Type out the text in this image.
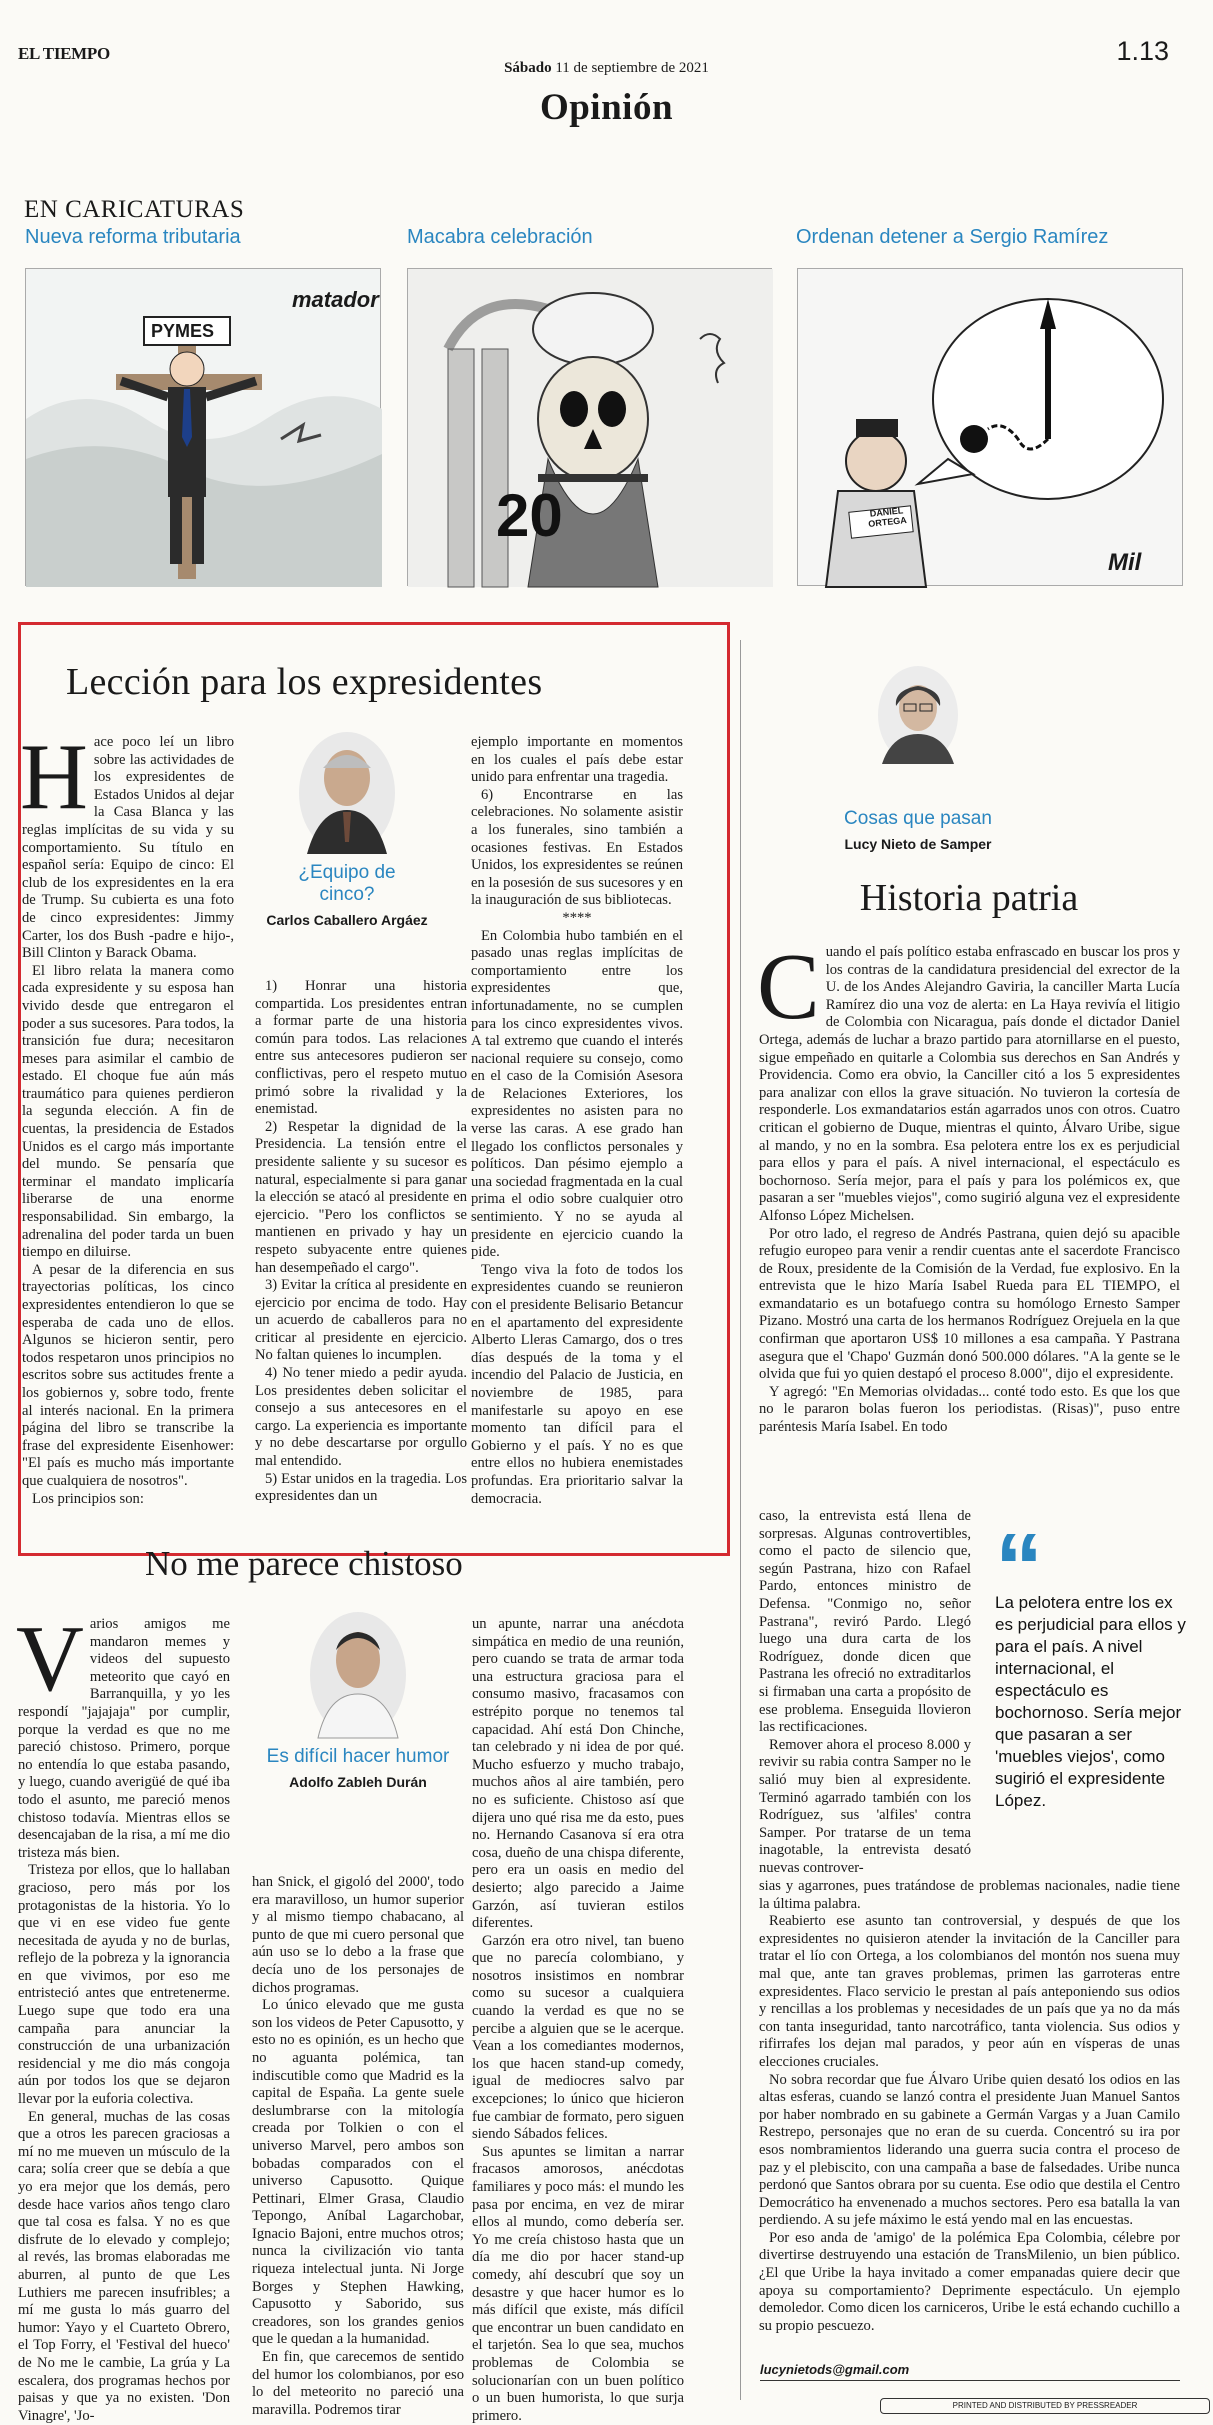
EL TIEMPO	1.13
Sábado 11 de septiembre de 2021
Opinión
EN CARICATURAS
Nueva reforma tributaria	Macabra celebración	Ordenan detener a Sergio Ramírez
PYMES
matador
20	DANIEL ORTEGA
Mil
Lección para los expresidentes

Hace poco leí un libro sobre las actividades de los expresidentes de Estados Unidos al dejar la Casa Blanca y las reglas implícitas de su vida y su comportamiento. Su título en español sería: Equipo de cinco: El club de los expresidentes en la era de Trump. Su cubierta es una foto de cinco expresidentes: Jimmy Carter, los dos Bush -padre e hijo-, Bill Clinton y Barack Obama.

El libro relata la manera como cada expresidente y su esposa han vivido desde que entregaron el poder a sus sucesores. Para todos, la transición fue dura; necesitaron meses para asimilar el cambio de estado. El choque fue aún más traumático para quienes perdieron la segunda elección. A fin de cuentas, la presidencia de Estados Unidos es el cargo más importante del mundo. Se pensaría que terminar el mandato implicaría liberarse de una enorme responsabilidad. Sin embargo, la adrenalina del poder tarda un buen tiempo en diluirse.

A pesar de la diferencia en sus trayectorias políticas, los cinco expresidentes entendieron lo que se esperaba de cada uno de ellos. Algunos se hicieron sentir, pero todos respetaron unos principios no escritos sobre sus actitudes frente a los gobiernos y, sobre todo, frente al interés nacional. En la primera página del libro se transcribe la frase del expresidente Eisenhower: "El país es mucho más importante que cualquiera de nosotros".

Los principios son:

¿Equipo de cinco?
Carlos Caballero Argáez

1) Honrar una historia compartida. Los presidentes entran a formar parte de una historia común para todos. Las relaciones entre sus antecesores pudieron ser conflictivas, pero el respeto mutuo primó sobre la rivalidad y la enemistad.

2) Respetar la dignidad de la Presidencia. La tensión entre el presidente saliente y su sucesor es natural, especialmente si para ganar la elección se atacó al presidente en ejercicio. "Pero los conflictos se mantienen en privado y hay un respeto subyacente entre quienes han desempeñado el cargo".

3) Evitar la crítica al presidente en ejercicio por encima de todo. Hay un acuerdo de caballeros para no criticar al presidente en ejercicio. No faltan quienes lo incumplen.

4) No tener miedo a pedir ayuda. Los presidentes deben solicitar el consejo a sus antecesores en el cargo. La experiencia es importante y no debe descartarse por orgullo mal entendido.

5) Estar unidos en la tragedia. Los expresidentes dan un

ejemplo importante en momentos en los cuales el país debe estar unido para enfrentar una tragedia.

6) Encontrarse en las celebraciones. No solamente asistir a los funerales, sino también a ocasiones festivas. En Estados Unidos, los expresidentes se reúnen en la posesión de sus sucesores y en la inauguración de sus bibliotecas.

****

En Colombia hubo también en el pasado unas reglas implícitas de comportamiento entre los expresidentes que, infortunadamente, no se cumplen para los cinco expresidentes vivos. A tal extremo que cuando el interés nacional requiere su consejo, como en el caso de la Comisión Asesora de Relaciones Exteriores, los expresidentes no asisten para no verse las caras. A ese grado han llegado los conflictos personales y políticos. Dan pésimo ejemplo a una sociedad fragmentada en la cual prima el odio sobre cualquier otro sentimiento. Y no se ayuda al presidente en ejercicio cuando la pide.

Tengo viva la foto de todos los expresidentes cuando se reunieron con el presidente Belisario Betancur en el apartamento del expresidente Alberto Lleras Camargo, dos o tres días después de la toma y el incendio del Palacio de Justicia, en noviembre de 1985, para manifestarle su apoyo en ese momento tan difícil para el Gobierno y el país. Y no es que entre ellos no hubiera enemistades profundas. Era prioritario salvar la democracia.

Cosas que pasan
Lucy Nieto de Samper
Historia patria

Cuando el país político estaba enfrascado en buscar los pros y los contras de la candidatura presidencial del exrector de la U. de los Andes Alejandro Gaviria, la canciller Marta Lucía Ramírez dio una voz de alerta: en La Haya revivía el litigio de Colombia con Nicaragua, país donde el dictador Daniel Ortega, además de luchar a brazo partido para atornillarse en el puesto, sigue empeñado en quitarle a Colombia sus derechos en San Andrés y Providencia. Como era obvio, la Canciller citó a los 5 expresidentes para analizar con ellos la grave situación. No tuvieron la cortesía de responderle. Los exmandatarios están agarrados unos con otros. Cuatro critican el gobierno de Duque, mientras el quinto, Álvaro Uribe, sigue al mando, y no en la sombra. Esa pelotera entre los ex es perjudicial para ellos y para el país. A nivel internacional, el espectáculo es bochornoso. Sería mejor, para el país y para los polémicos ex, que pasaran a ser "muebles viejos", como sugirió alguna vez el expresidente Alfonso López Michelsen.

Por otro lado, el regreso de Andrés Pastrana, quien dejó su apacible refugio europeo para venir a rendir cuentas ante el sacerdote Francisco de Roux, presidente de la Comisión de la Verdad, fue explosivo. En la entrevista que le hizo María Isabel Rueda para EL TIEMPO, el exmandatario es un botafuego contra su homólogo Ernesto Samper Pizano. Mostró una carta de los hermanos Rodríguez Orejuela en la que confirman que aportaron US$ 10 millones a esa campaña. Y Pastrana asegura que el 'Chapo' Guzmán donó 500.000 dólares. "A la gente se le olvida que fui yo quien destapó el proceso 8.000", dijo el expresidente.

Y agregó: "En Memorias olvidadas... conté todo esto. Es que los que no le pararon bolas fueron los periodistas. (Risas)", puso entre paréntesis María Isabel. En todo

caso, la entrevista está llena de sorpresas. Algunas controvertibles, como el pacto de silencio que, según Pastrana, hizo con Rafael Pardo, entonces ministro de Defensa. "Conmigo no, señor Pastrana", reviró Pardo. Llegó luego una dura carta de los Rodríguez, donde dicen que Pastrana les ofreció no extraditarlos si firmaban una carta a propósito de ese problema. Enseguida llovieron las rectificaciones.

Remover ahora el proceso 8.000 y revivir su rabia contra Samper no le salió muy bien al expresidente. Terminó agarrado también con los Rodríguez, sus 'alfiles' contra Samper. Por tratarse de un tema inagotable, la entrevista desató nuevas controver-

“
La pelotera entre los ex es perjudicial para ellos y para el país. A nivel internacional, el espectáculo es bochornoso. Sería mejor que pasaran a ser 'muebles viejos', como sugirió el expresidente López.

sias y agarrones, pues tratándose de problemas nacionales, nadie tiene la última palabra.

Reabierto ese asunto tan controversial, y después de que los expresidentes no quisieron atender la invitación de la Canciller para tratar el lío con Ortega, a los colombianos del montón nos suena muy mal que, ante tan graves problemas, primen las garroteras entre expresidentes. Flaco servicio le prestan al país anteponiendo sus odios y rencillas a los problemas y necesidades de un país que ya no da más con tanta inseguridad, tanto narcotráfico, tanta violencia. Sus odios y rifirrafes los dejan mal parados, y peor aún en vísperas de unas elecciones cruciales.

No sobra recordar que fue Álvaro Uribe quien desató los odios en las altas esferas, cuando se lanzó contra el presidente Juan Manuel Santos por haber nombrado en su gabinete a Germán Vargas y a Juan Camilo Restrepo, personajes que no eran de su cuerda. Concentró su ira por esos nombramientos liderando una guerra sucia contra el proceso de paz y el plebiscito, con una campaña a base de falsedades. Uribe nunca perdonó que Santos obrara por su cuenta. Ese odio que destila el Centro Democrático ha envenenado a muchos sectores. Pero esa batalla la van perdiendo. A su jefe máximo le está yendo mal en las encuestas.

Por eso anda de 'amigo' de la polémica Epa Colombia, célebre por divertirse destruyendo una estación de TransMilenio, un bien público. ¿El que Uribe la haya invitado a comer empanadas quiere decir que apoya su comportamiento? Deprimente espectáculo. Un ejemplo demoledor. Como dicen los carniceros, Uribe le está echando cuchillo a su propio pescuezo.

lucynietods@gmail.com
No me parece chistoso

Varios amigos me mandaron memes y videos del supuesto meteorito que cayó en Barranquilla, y yo les respondí "jajajaja" por cumplir, porque la verdad es que no me pareció chistoso. Primero, porque no entendía lo que estaba pasando, y luego, cuando averigüé de qué iba todo el asunto, me pareció menos chistoso todavía. Mientras ellos se desencajaban de la risa, a mí me dio tristeza más bien.

Tristeza por ellos, que lo hallaban gracioso, pero más por los protagonistas de la historia. Yo lo que vi en ese video fue gente necesitada de ayuda y no de burlas, reflejo de la pobreza y la ignorancia en que vivimos, por eso me entristeció antes que entretenerme. Luego supe que todo era una campaña para anunciar la construcción de una urbanización residencial y me dio más congoja aún por todos los que se dejaron llevar por la euforia colectiva.

En general, muchas de las cosas que a otros les parecen graciosas a mí no me mueven un músculo de la cara; solía creer que se debía a que yo era mejor que los demás, pero desde hace varios años tengo claro que tal cosa es falsa. Y no es que disfrute de lo elevado y complejo; al revés, las bromas elaboradas me aburren, al punto de que Les Luthiers me parecen insufribles; a mí me gusta lo más guarro del humor: Yayo y el Cuarteto Obrero, el Top Forry, el 'Festival del hueco' de No me le cambie, La grúa y La escalera, dos programas hechos por paisas y que ya no existen. 'Don Vinagre', 'Jo-

Es difícil hacer humor
Adolfo Zableh Durán

han Snick, el gigoló del 2000', todo era maravilloso, un humor superior y al mismo tiempo chabacano, al punto de que mi cuero personal que aún uso se lo debo a la frase que decía uno de los personajes de dichos programas.

Lo único elevado que me gusta son los videos de Peter Capusotto, y esto no es opinión, es un hecho que no aguanta polémica, tan indiscutible como que Madrid es la capital de España. La gente suele deslumbrarse con la mitología creada por Tolkien o con el universo Marvel, pero ambos son bobadas comparados con el universo Capusotto. Quique Pettinari, Elmer Grasa, Claudio Tepongo, Aníbal Lagarchobar, Ignacio Bajoni, entre muchos otros; nunca la civilización vio tanta riqueza intelectual junta. Ni Jorge Borges y Stephen Hawking, Capusotto y Saborido, sus creadores, son los grandes genios que le quedan a la humanidad.

En fin, que carecemos de sentido del humor los colombianos, por eso lo del meteorito no pareció una maravilla. Podremos tirar

un apunte, narrar una anécdota simpática en medio de una reunión, pero cuando se trata de armar toda una estructura graciosa para el consumo masivo, fracasamos con estrépito porque no tenemos tal capacidad. Ahí está Don Chinche, tan celebrado y ni idea de por qué. Mucho esfuerzo y mucho trabajo, muchos años al aire también, pero no es suficiente. Chistoso así que dijera uno qué risa me da esto, pues no. Hernando Casanova sí era otra cosa, dueño de una chispa diferente, pero era un oasis en medio del desierto; algo parecido a Jaime Garzón, así tuvieran estilos diferentes.

Garzón era otro nivel, tan bueno que no parecía colombiano, y nosotros insistimos en nombrar como su sucesor a cualquiera cuando la verdad es que no se percibe a alguien que se le acerque. Vean a los comediantes modernos, los que hacen stand-up comedy, igual de mediocres salvo par excepciones; lo único que hicieron fue cambiar de formato, pero siguen siendo Sábados felices.

Sus apuntes se limitan a narrar fracasos amorosos, anécdotas familiares y poco más: el mundo les pasa por encima, en vez de mirar ellos al mundo, como debería ser. Yo me creía chistoso hasta que un día me dio por hacer stand-up comedy, ahí descubrí que soy un desastre y que hacer humor es lo más difícil que existe, más difícil que encontrar un buen candidato en el tarjetón. Sea lo que sea, muchos problemas de Colombia se solucionarían con un buen político o un buen humorista, lo que surja primero.

PRINTED AND DISTRIBUTED BY PRESSREADER
